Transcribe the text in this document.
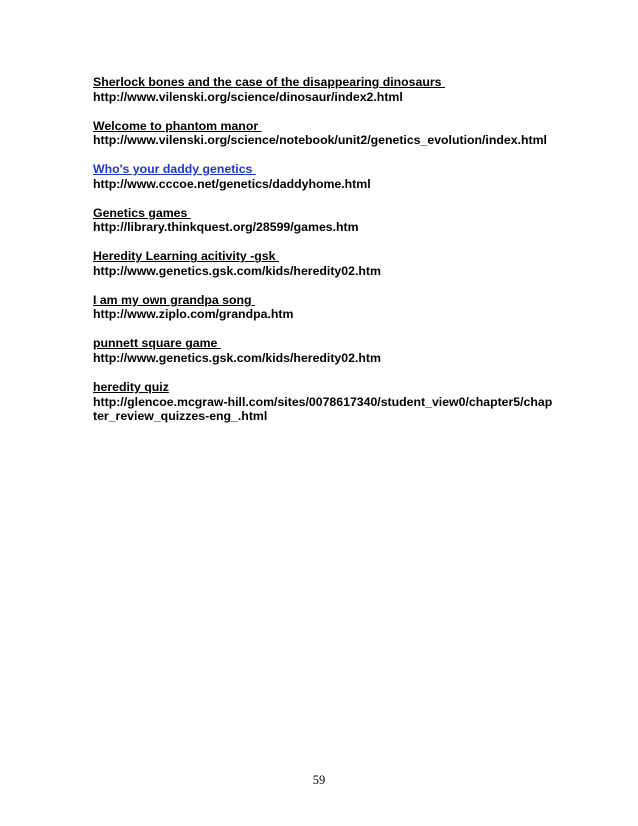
Sherlock bones and the case of the disappearing dinosaurs
http://www.vilenski.org/science/dinosaur/index2.html
Welcome to phantom manor
http://www.vilenski.org/science/notebook/unit2/genetics_evolution/index.html
Who's your daddy genetics
http://www.cccoe.net/genetics/daddyhome.html
Genetics games
http://library.thinkquest.org/28599/games.htm
Heredity Learning acitivity -gsk
http://www.genetics.gsk.com/kids/heredity02.htm
I am my own grandpa song
http://www.ziplo.com/grandpa.htm
punnett square game
http://www.genetics.gsk.com/kids/heredity02.htm
heredity quiz
http://glencoe.mcgraw-hill.com/sites/0078617340/student_view0/chapter5/chapter_review_quizzes-eng_.html
59
